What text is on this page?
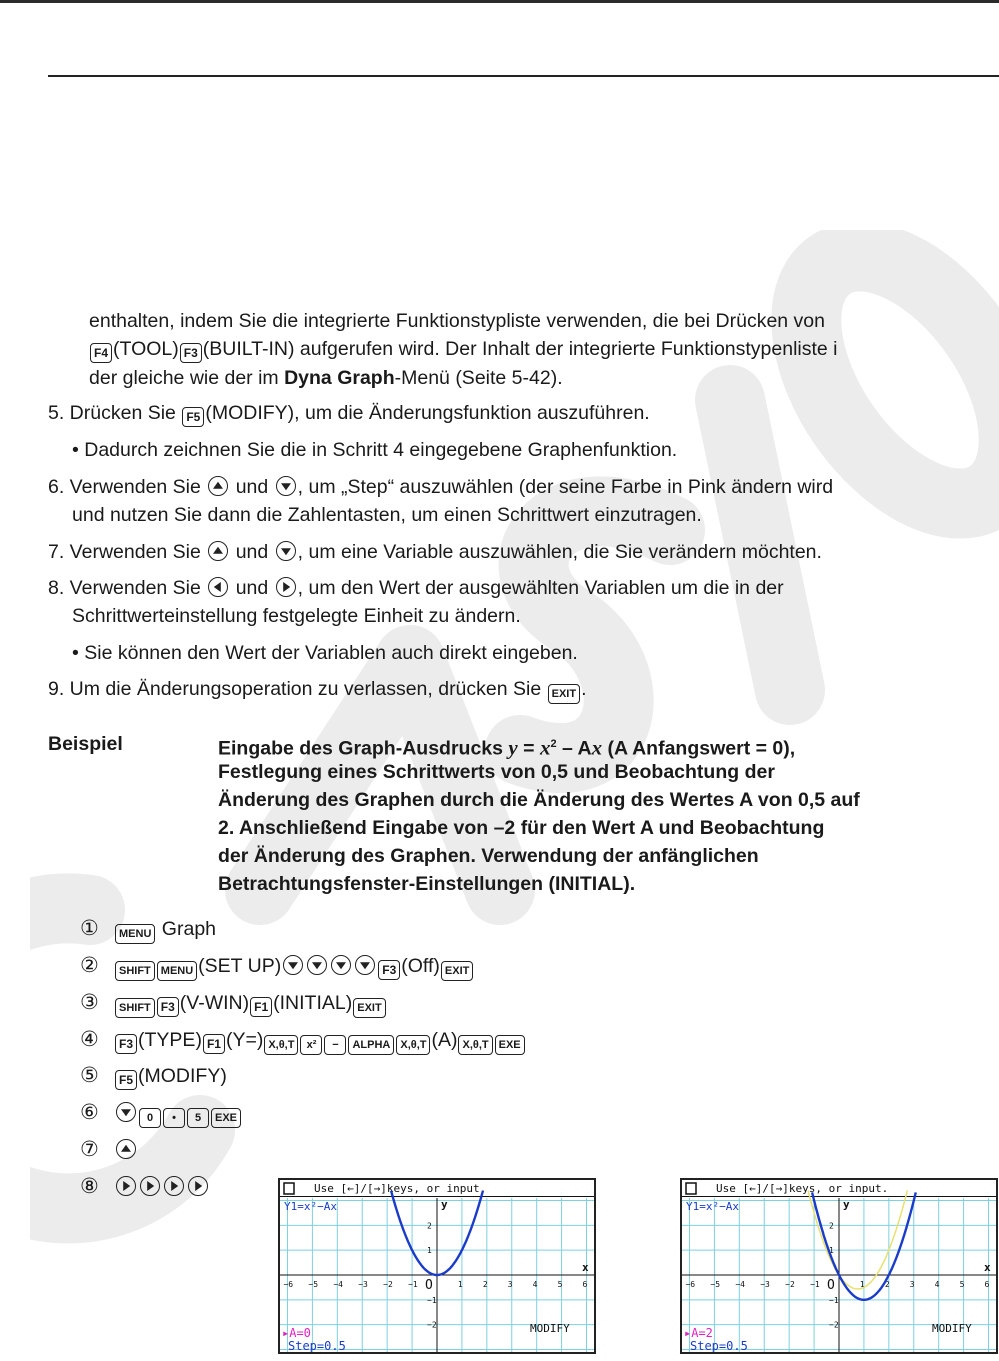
enthalten, indem Sie die integrierte Funktionstypliste verwenden, die bei Drücken von
F4 (TOOL) F3 (BUILT-IN) aufgerufen wird. Der Inhalt der integrierte Funktionstypenliste i
der gleiche wie der im Dyna Graph-Menü (Seite 5-42).
5. Drücken Sie F5 (MODIFY), um die Änderungsfunktion auszuführen.
• Dadurch zeichnen Sie die in Schritt 4 eingegebene Graphenfunktion.
6. Verwenden Sie  und , um „Step“ auszuwählen (der seine Farbe in Pink ändern wird
und nutzen Sie dann die Zahlentasten, um einen Schrittwert einzutragen.
7. Verwenden Sie  und , um eine Variable auszuwählen, die Sie verändern möchten.
8. Verwenden Sie  und , um den Wert der ausgewählten Variablen um die in der
Schrittwerteinstellung festgelegte Einheit zu ändern.
• Sie können den Wert der Variablen auch direkt eingeben.
9. Um die Änderungsoperation zu verlassen, drücken Sie EXIT .
Beispiel	Eingabe des Graph-Ausdrucks $y = x^2 - Ax$ (A Anfangswert = 0),
Festlegung eines Schrittwerts von 0,5 und Beobachtung der
Änderung des Graphen durch die Änderung des Wertes A von 0,5 auf
2. Anschließend Eingabe von –2 für den Wert A und Beobachtung
der Änderung des Graphen. Verwendung der anfänglichen
Betrachtungsfenster-Einstellungen (INITIAL).
① MENU Graph
② SHIFT MENU (SET UP)	F3 (Off) EXIT
③ SHIFT F3 (V-WIN) F1 (INITIAL) EXIT
④ F3 (TYPE) F1 (Y=) X,θ,T x² − ALPHA X,θ,T (A) X,θ,T EXE
⑤ F5 (MODIFY)
⑥	0 • 5 EXE
⑦
⑧	Use [←]/[→]keys, or input.
−6 −5 −4 −3 −2 −1	1	2	3	4	5	6
2
1
−1
−2
O
y
x
Y1=x²−Ax
MODIFY
▸A=0
Step=0.5
Use [←]/[→]keys, or input.
−6 −5 −4 −3 −2 −1	1	2	3	4	5	6
2
1
−1
−2
O
y
x
Y1=x²−Ax
MODIFY
▸A=2
Step=0.5
